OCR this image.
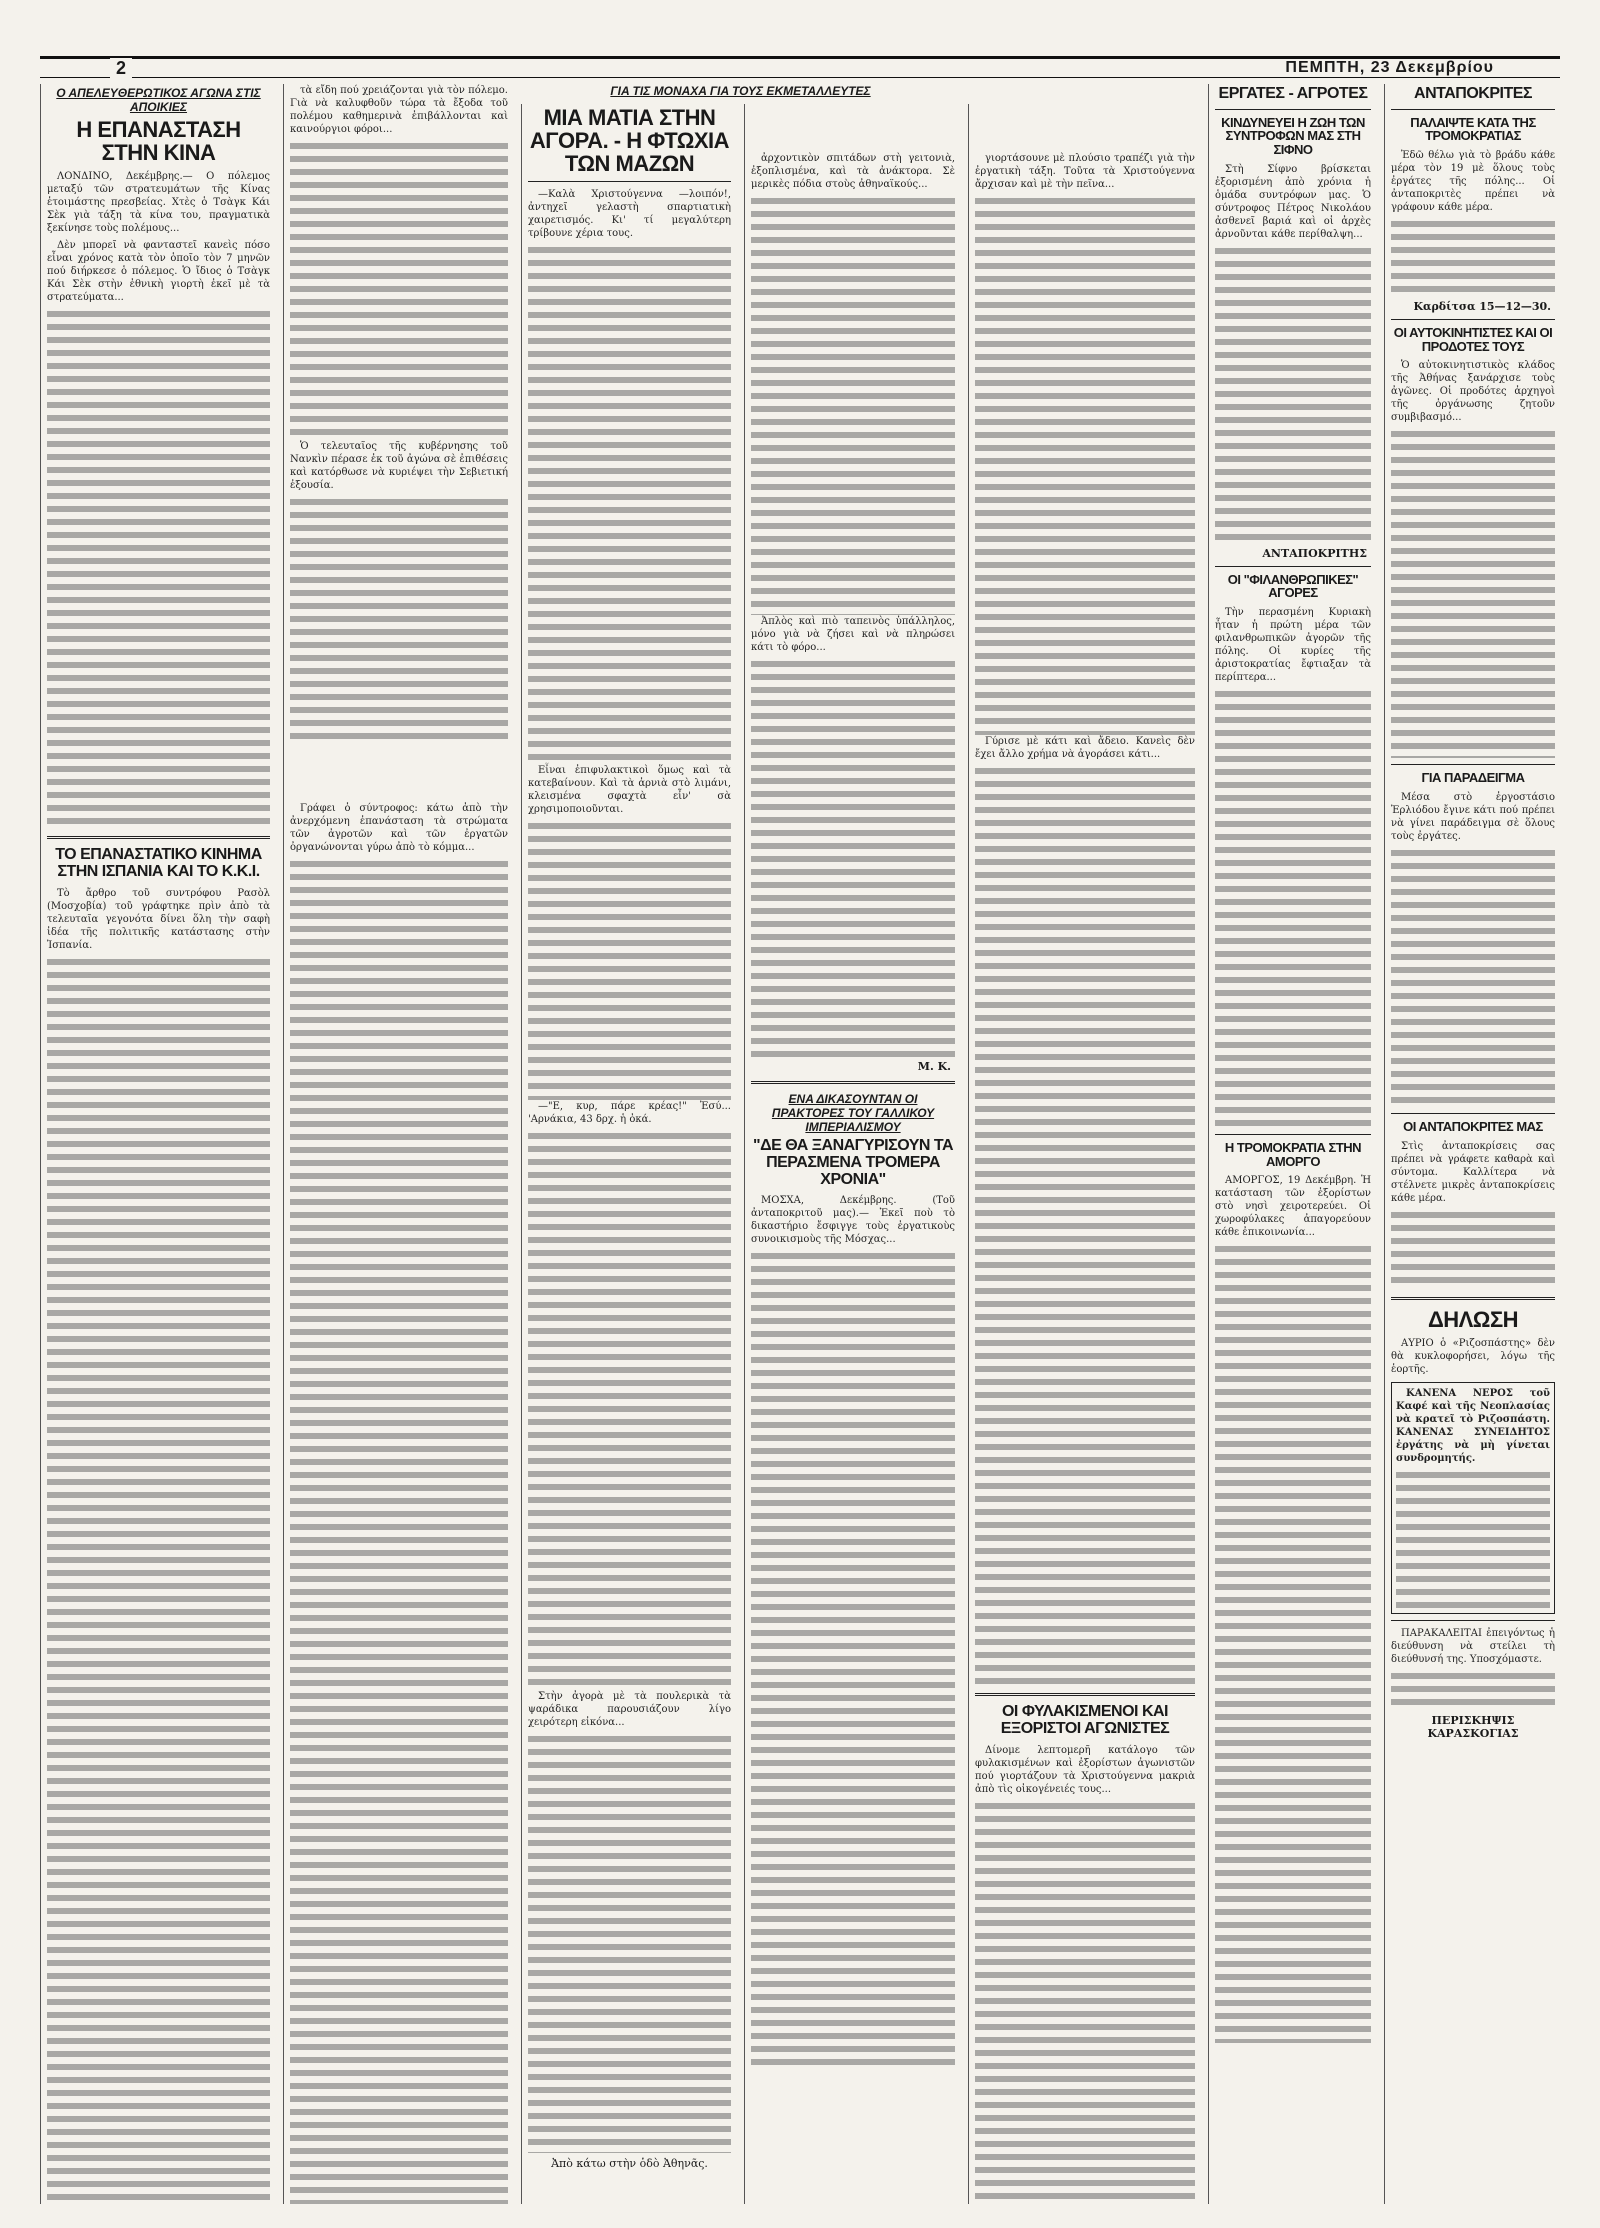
2	ΠΕΜΠΤΗ, 23 Δεκεμβρίου
Ο ΑΠΕΛΕΥΘΕΡΩΤΙΚΟΣ ΑΓΩΝΑ ΣΤΙΣ ΑΠΟΙΚΙΕΣ
Η ΕΠΑΝΑΣΤΑΣΗ ΣΤΗΝ ΚΙΝΑ

ΛΟΝΔΙΝΟ, Δεκέμβρης.— Ο πόλεμος μεταξύ τῶν στρατευμάτων τῆς Κίνας ἑτοιμάστης πρεσβείας. Χτὲς ὁ Τσὰγκ Κάι Σὲκ γιὰ τάξη τὰ κίνα του, πραγματικὰ ξεκίνησε τοὺς πολέμους...

Δὲν μπορεῖ νὰ φανταστεῖ κανεὶς πόσο εἶναι χρόνος κατὰ τὸν ὁποῖο τὸν 7 μηνῶν πού διήρκεσε ὁ πόλεμος. Ὁ ἴδιος ὁ Τσὰγκ Κάι Σὲκ στὴν ἐθνικὴ γιορτὴ ἐκεῖ μὲ τὰ στρατεύματα...

ΤΟ ΕΠΑΝΑΣΤΑΤΙΚΟ ΚΙΝΗΜΑ ΣΤΗΝ ΙΣΠΑΝΙΑ ΚΑΙ ΤΟ Κ.Κ.Ι.

Τὸ ἄρθρο τοῦ συντρόφου Ρασὸλ (Μοσχοβία) τοῦ γράφτηκε πρὶν ἀπὸ τὰ τελευταῖα γεγονότα δίνει ὅλη τὴν σαφὴ ἰδέα τῆς πολιτικῆς κατάστασης στὴν Ἰσπανία.

τὰ εἴδη πού χρειάζονται γιὰ τὸν πόλεμο. Γιὰ νὰ καλυφθοῦν τώρα τὰ ἔξοδα τοῦ πολέμου καθημερινὰ ἐπιβάλλονται καὶ καινούργιοι φόροι...

Ὁ τελευταῖος τῆς κυβέρνησης τοῦ Νανκὶν πέρασε ἐκ τοῦ ἀγώνα σὲ ἐπιθέσεις καὶ κατόρθωσε νὰ κυριέψει τὴν Σεβιετική ἐξουσία.

Γράφει ὁ σύντροφος: κάτω ἀπὸ τὴν ἀνερχόμενη ἐπανάσταση τὰ στρώματα τῶν ἀγροτῶν καὶ τῶν ἐργατῶν ὀργανώνονται γύρω ἀπὸ τὸ κόμμα...

ΓΙΑ ΤΙΣ ΜΟΝΑΧΑ ΓΙΑ ΤΟΥΣ ΕΚΜΕΤΑΛΛΕΥΤΕΣ
ΜΙΑ ΜΑΤΙΑ ΣΤΗΝ ΑΓΟΡΑ. - Η ΦΤΩΧΙΑ ΤΩΝ ΜΑΖΩΝ

—Καλὰ Χριστούγεννα —λοιπόν!, ἀντηχεῖ γελαστὴ σπαρτιατικὴ χαιρετισμός. Κι' τί μεγαλύτερη τρίβουνε χέρια τους.

Εἶναι ἐπιφυλακτικοὶ ὅμως καὶ τὰ κατεβαίνουν. Καὶ τὰ ἀρνιὰ στὸ λιμάνι, κλεισμένα σφαχτὰ εἶν' σὰ χρησιμοποιοῦνται.

—"Ε, κυρ, πάρε κρέας!" Ἐσύ... 'Αρνάκια, 43 δρχ. ἡ ὀκά.

Στὴν ἀγορὰ μὲ τὰ πουλερικὰ τὰ ψαράδικα παρουσιάζουν λίγο χειρότερη εἰκόνα...

Ἀπὸ κάτω στὴν ὁδὸ Ἀθηνᾶς.

ἀρχοντικὸν σπιτάδων στὴ γειτονιὰ, ἐξοπλισμένα, καὶ τὰ ἀνάκτορα. Σὲ μερικὲς πόδια στοὺς ἀθηναϊκούς...

Ἀπλὸς καὶ πιὸ ταπεινὸς ὑπάλληλος, μόνο γιὰ νὰ ζήσει καὶ νὰ πληρώσει κάτι τὸ φόρο...

Μ. Κ.
ΕΝΑ ΔΙΚΑΣΟΥΝΤΑΝ ΟΙ ΠΡΑΚΤΟΡΕΣ ΤΟΥ ΓΑΛΛΙΚΟΥ ΙΜΠΕΡΙΑΛΙΣΜΟΥ
"ΔΕ ΘΑ ΞΑΝΑΓΥΡΙΣΟΥΝ ΤΑ ΠΕΡΑΣΜΕΝΑ ΤΡΟΜΕΡΑ ΧΡΟΝΙΑ"

ΜΟΣΧΑ, Δεκέμβρης. (Τοῦ ἀνταποκριτοῦ μας).— Ἐκεῖ ποὺ τὸ δικαστήριο ἔσφιγγε τοὺς ἐργατικοὺς συνοικισμοὺς τῆς Μόσχας...

γιορτάσουνε μὲ πλούσιο τραπέζι γιὰ τὴν ἐργατικὴ τάξη. Τοῦτα τὰ Χριστούγεννα ἄρχισαν καὶ μὲ τὴν πεῖνα...

Γύρισε μὲ κάτι καὶ ἄδειο. Κανεὶς δὲν ἔχει ἄλλο χρήμα νὰ ἀγοράσει κάτι...

ΟΙ ΦΥΛΑΚΙΣΜΕΝΟΙ ΚΑΙ ΕΞΟΡΙΣΤΟΙ ΑΓΩΝΙΣΤΕΣ

Δίνομε λεπτομερῆ κατάλογο τῶν φυλακισμένων καὶ ἐξορίστων ἀγωνιστῶν πού γιορτάζουν τὰ Χριστούγεννα μακριὰ ἀπὸ τὶς οἰκογένειές τους...

ΕΡΓΑΤΕΣ - ΑΓΡΟΤΕΣ
ΚΙΝΔΥΝΕΥΕΙ Η ΖΩΗ ΤΩΝ ΣΥΝΤΡΟΦΩΝ ΜΑΣ ΣΤΗ ΣΙΦΝΟ

Στὴ Σίφνο βρίσκεται ἐξορισμένη ἀπὸ χρόνια ἡ ὁμάδα συντρόφων μας. Ὁ σύντροφος Πέτρος Νικολάου ἀσθενεῖ βαριά καὶ οἱ ἀρχὲς ἀρνοῦνται κάθε περίθαλψη...

ΑΝΤΑΠΟΚΡΙΤΗΣ
ΟΙ "ΦΙΛΑΝΘΡΩΠΙΚΕΣ" ΑΓΟΡΕΣ

Τὴν περασμένη Κυριακὴ ἦταν ἡ πρώτη μέρα τῶν φιλανθρωπικῶν ἀγορῶν τῆς πόλης. Οἱ κυρίες τῆς ἀριστοκρατίας ἔφτιαξαν τὰ περίπτερα...

Η ΤΡΟΜΟΚΡΑΤΙΑ ΣΤΗΝ ΑΜΟΡΓΟ

ΑΜΟΡΓΟΣ, 19 Δεκέμβρη. Ἡ κατάσταση τῶν ἐξορίστων στὸ νησὶ χειροτερεύει. Οἱ χωροφύλακες ἀπαγορεύουν κάθε ἐπικοινωνία...

ΑΝΤΑΠΟΚΡΙΤΕΣ
ΠΑΛΑΙΨΤΕ ΚΑΤΑ ΤΗΣ ΤΡΟΜΟΚΡΑΤΙΑΣ

Ἐδῶ θέλω γιὰ τὸ βράδυ κάθε μέρα τὸν 19 μὲ ὅλους τοὺς ἐργάτες τῆς πόλης... Οἱ ἀνταποκριτὲς πρέπει νὰ γράφουν κάθε μέρα.

Καρδίτσα 15—12—30.
ΟΙ ΑΥΤΟΚΙΝΗΤΙΣΤΕΣ ΚΑΙ ΟΙ ΠΡΟΔΟΤΕΣ ΤΟΥΣ

Ὁ αὐτοκινητιστικὸς κλάδος τῆς Ἀθήνας ξανάρχισε τοὺς ἀγῶνες. Οἱ προδότες ἀρχηγοὶ τῆς ὀργάνωσης ζητοῦν συμβιβασμό...

ΓΙΑ ΠΑΡΑΔΕΙΓΜΑ

Μέσα στὸ ἐργοστάσιο Ἐρλιόδου ἔγινε κάτι πού πρέπει νὰ γίνει παράδειγμα σὲ ὅλους τοὺς ἐργάτες.

ΟΙ ΑΝΤΑΠΟΚΡΙΤΕΣ ΜΑΣ

Στὶς ἀνταποκρίσεις σας πρέπει νὰ γράφετε καθαρὰ καὶ σύντομα. Καλλίτερα νὰ στέλνετε μικρὲς ἀνταποκρίσεις κάθε μέρα.

ΔΗΛΩΣΗ

ΑΥΡΙΟ ὁ «Ριζοσπάστης» δὲν θὰ κυκλοφορήσει, λόγω τῆς ἑορτῆς.

ΚΑΝΕΝΑ ΝΕΡΟΣ τοῦ Καφέ καὶ τῆς Νεοπλασίας νὰ κρατεῖ τὸ Ριζοσπάστη. ΚΑΝΕΝΑΣ ΣΥΝΕΙΔΗΤΟΣ ἐργάτης νὰ μὴ γίνεται συνδρομητής.

ΠΑΡΑΚΑΛΕΙΤΑΙ ἐπειγόντως ἡ διεύθυνση νὰ στείλει τὴ διεύθυνσή της. Υποσχόμαστε.

ΠΕΡΙΣΚΗΨΙΣ ΚΑΡΑΣΚΟΓΙΑΣ
